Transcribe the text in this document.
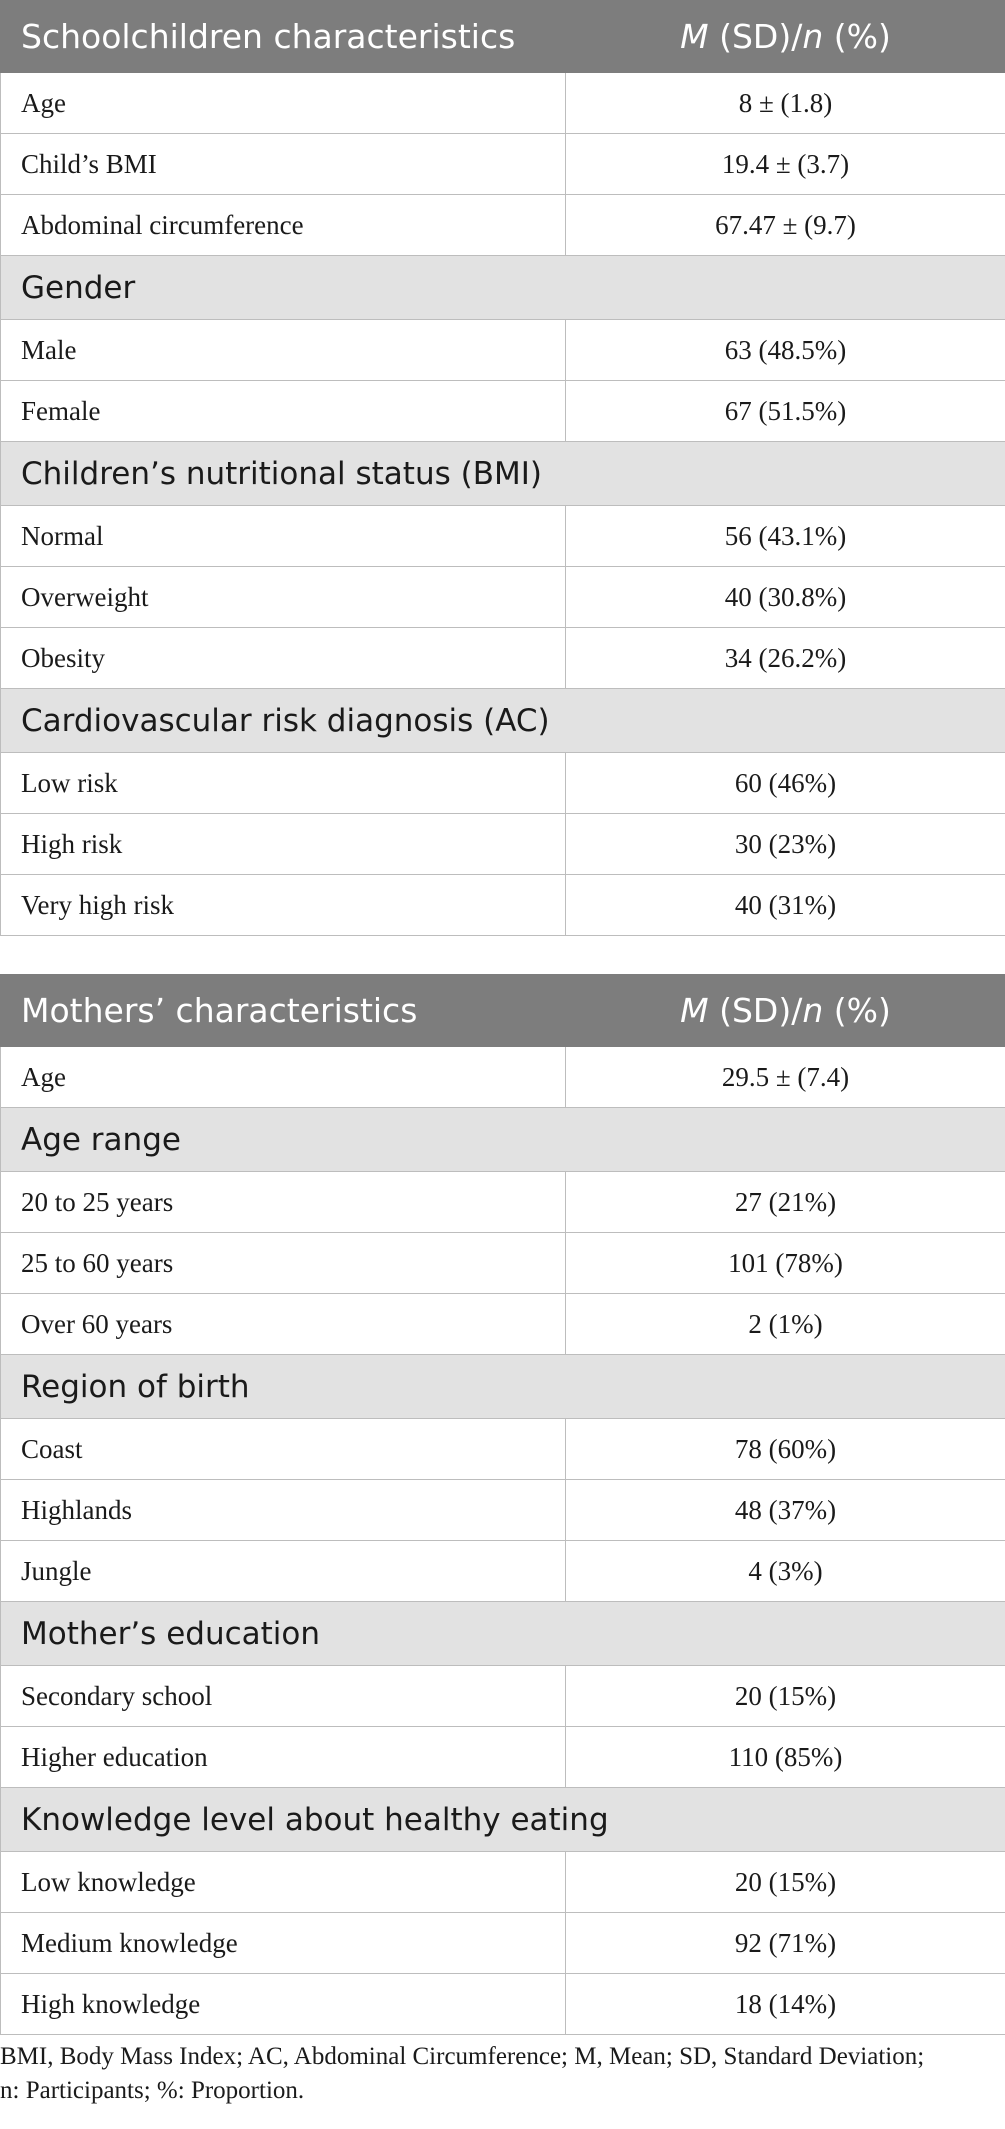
Schoolchildren characteristics	M (SD)/n (%)
Age	8 ± (1.8)
Child’s BMI	19.4 ± (3.7)
Abdominal circumference	67.47 ± (9.7)
Gender	
Male	63 (48.5%)
Female	67 (51.5%)
Children’s nutritional status (BMI)	
Normal	56 (43.1%)
Overweight	40 (30.8%)
Obesity	34 (26.2%)
Cardiovascular risk diagnosis (AC)	
Low risk	60 (46%)
High risk	30 (23%)
Very high risk	40 (31%)
Mothers’ characteristics	M (SD)/n (%)
Age	29.5 ± (7.4)
Age range	
20 to 25 years	27 (21%)
25 to 60 years	101 (78%)
Over 60 years	2 (1%)
Region of birth	
Coast	78 (60%)
Highlands	48 (37%)
Jungle	4 (3%)
Mother’s education	
Secondary school	20 (15%)
Higher education	110 (85%)
Knowledge level about healthy eating	
Low knowledge	20 (15%)
Medium knowledge	92 (71%)
High knowledge	18 (14%)
BMI, Body Mass Index; AC, Abdominal Circumference; M, Mean; SD, Standard Deviation;
n: Participants; %: Proportion.
